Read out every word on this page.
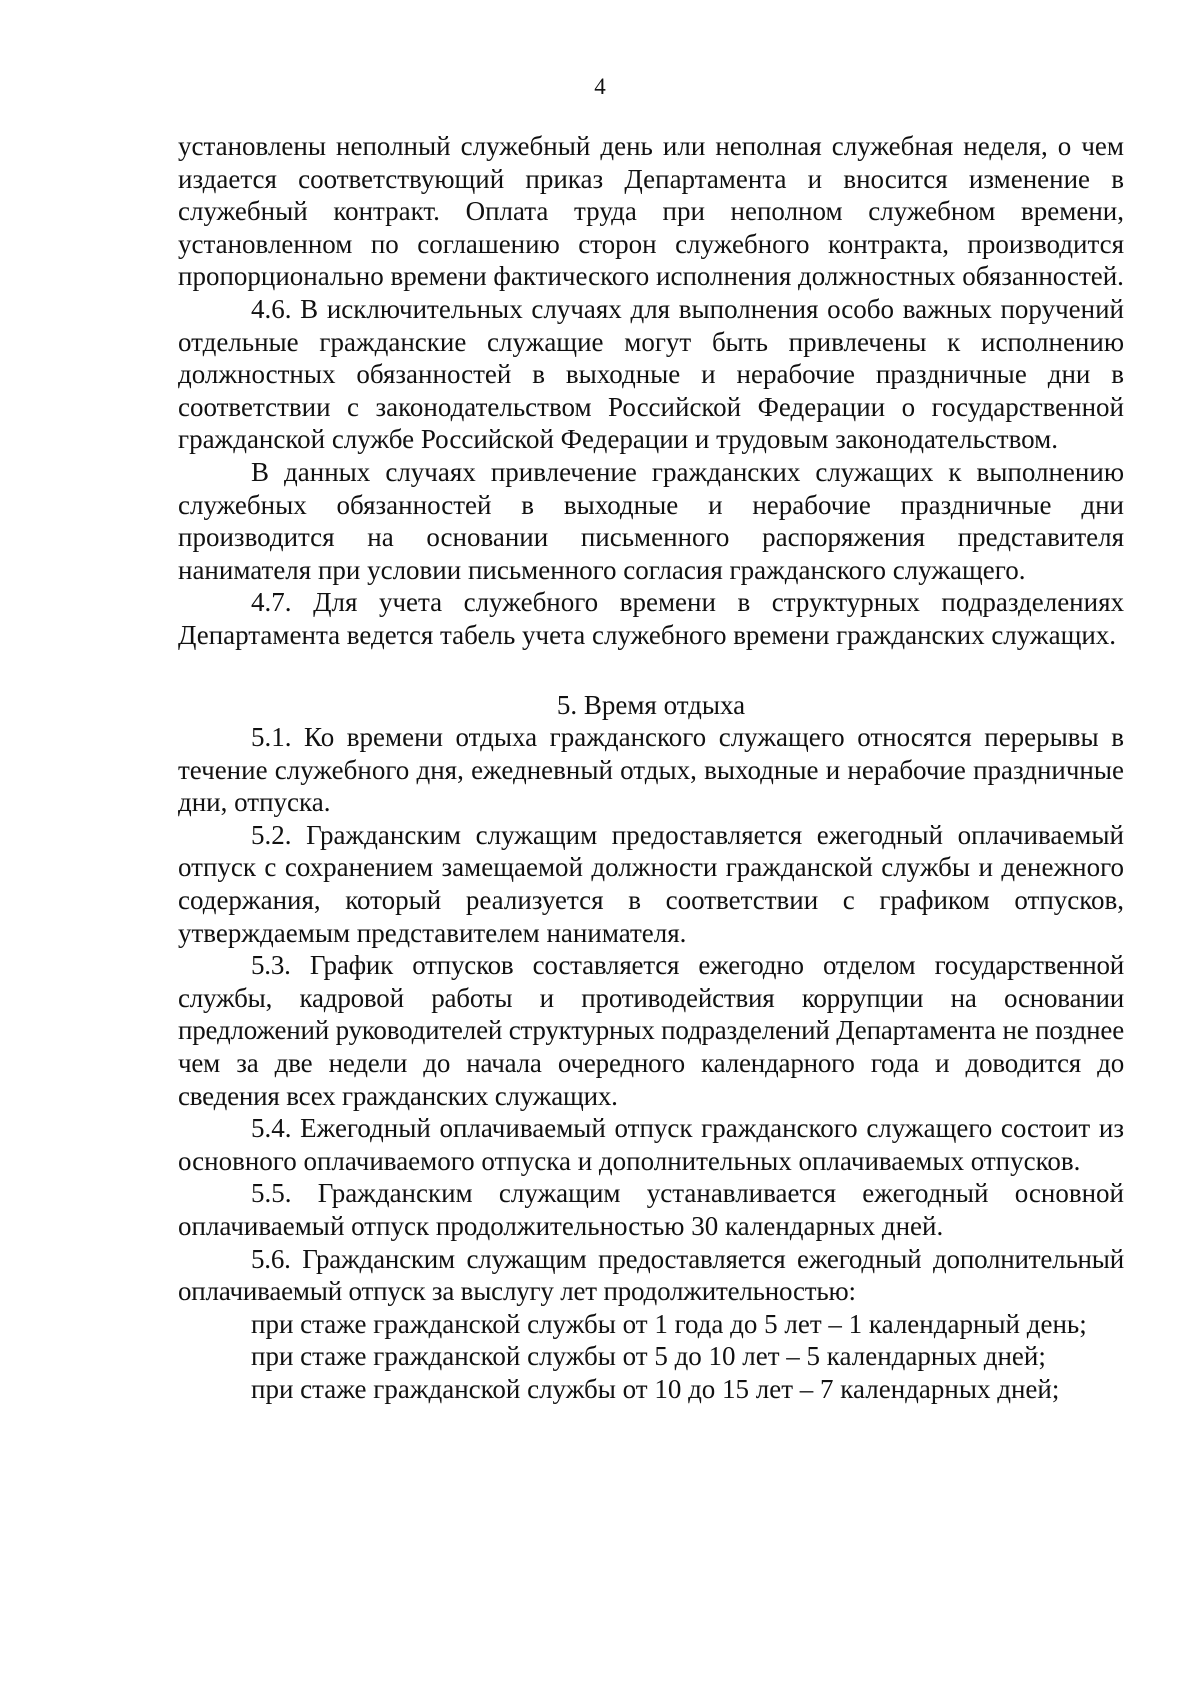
4

установлены неполный служебный день или неполная служебная неделя, о чем издается соответствующий приказ Департамента и вносится изменение в служебный контракт. Оплата труда при неполном служебном времени, установленном по соглашению сторон служебного контракта, производится пропорционально времени фактического исполнения должностных обязанностей.

4.6. В исключительных случаях для выполнения особо важных поручений отдельные гражданские служащие могут быть привлечены к исполнению должностных обязанностей в выходные и нерабочие праздничные дни в соответствии с законодательством Российской Федерации о государственной гражданской службе Российской Федерации и трудовым законодательством.

В данных случаях привлечение гражданских служащих к выполнению служебных обязанностей в выходные и нерабочие праздничные дни производится на основании письменного распоряжения представителя нанимателя при условии письменного согласия гражданского служащего.

4.7. Для учета служебного времени в структурных подразделениях Департамента ведется табель учета служебного времени гражданских служащих.

5. Время отдыха

5.1. Ко времени отдыха гражданского служащего относятся перерывы в течение служебного дня, ежедневный отдых, выходные и нерабочие праздничные дни, отпуска.

5.2. Гражданским служащим предоставляется ежегодный оплачиваемый отпуск с сохранением замещаемой должности гражданской службы и денежного содержания, который реализуется в соответствии с графиком отпусков, утверждаемым представителем нанимателя.

5.3. График отпусков составляется ежегодно отделом государственной службы, кадровой работы и противодействия коррупции на основании предложений руководителей структурных подразделений Департамента не позднее чем за две недели до начала очередного календарного года и доводится до сведения всех гражданских служащих.

5.4. Ежегодный оплачиваемый отпуск гражданского служащего состоит из основного оплачиваемого отпуска и дополнительных оплачиваемых отпусков.

5.5. Гражданским служащим устанавливается ежегодный основной оплачиваемый отпуск продолжительностью 30 календарных дней.

5.6. Гражданским служащим предоставляется ежегодный дополнительный оплачиваемый отпуск за выслугу лет продолжительностью:

при стаже гражданской службы от 1 года до 5 лет – 1 календарный день;

при стаже гражданской службы от 5 до 10 лет – 5 календарных дней;

при стаже гражданской службы от 10 до 15 лет – 7 календарных дней;
